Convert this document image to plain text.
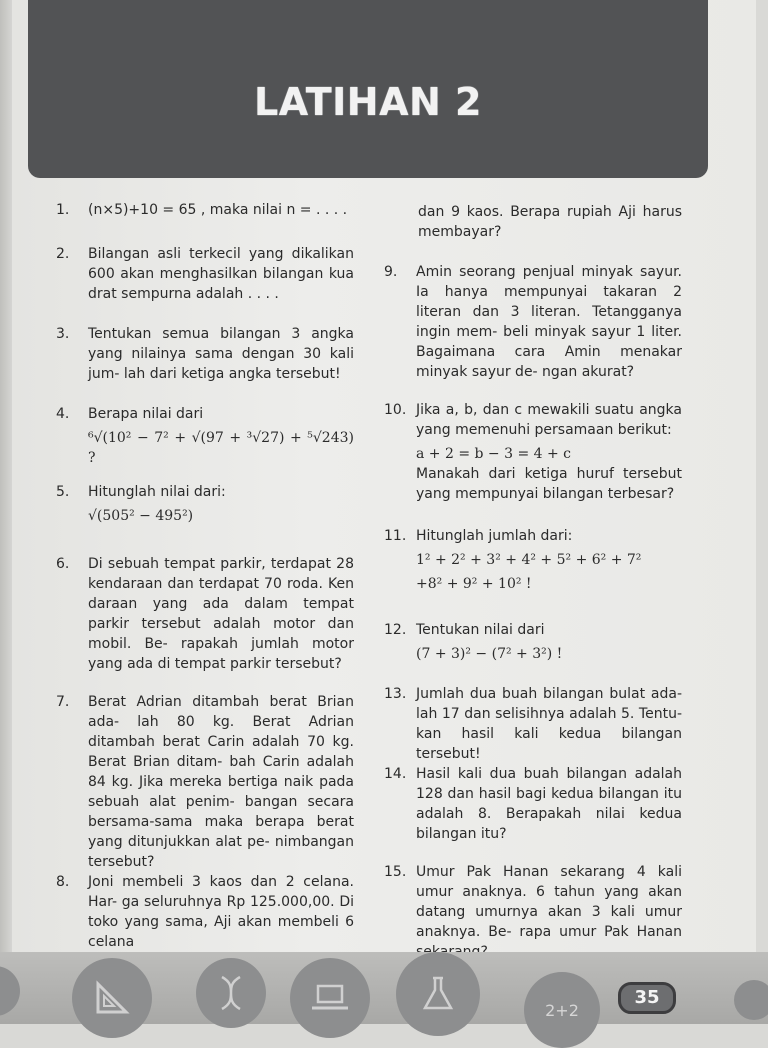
LATIHAN 2
1.	(n×5)+10 = 65 , maka nilai n = . . . .
2.	Bilangan asli terkecil yang dikalikan 600 akan menghasilkan bilangan kua drat sempurna adalah . . . .
3.	Tentukan semua bilangan 3 angka yang nilainya sama dengan 30 kali jum- lah dari ketiga angka tersebut!
4.	Berapa nilai dari
⁶√(10² − 7² + √(97 + ³√27) + ⁵√243) ?
5.	Hitunglah nilai dari:
√(505² − 495²)
6.	Di sebuah tempat parkir, terdapat 28 kendaraan dan terdapat 70 roda. Ken daraan yang ada dalam tempat parkir tersebut adalah motor dan mobil. Be- rapakah jumlah motor yang ada di tempat parkir tersebut?
7.	Berat Adrian ditambah berat Brian ada- lah 80 kg. Berat Adrian ditambah berat Carin adalah 70 kg. Berat Brian ditam- bah Carin adalah 84 kg. Jika mereka bertiga naik pada sebuah alat penim- bangan secara bersama-sama maka berapa berat yang ditunjukkan alat pe- nimbangan tersebut?
8.	Joni membeli 3 kaos dan 2 celana. Har- ga seluruhnya Rp 125.000,00. Di toko yang sama, Aji akan membeli 6 celana
dan 9 kaos. Berapa rupiah Aji harus membayar?
9.	Amin seorang penjual minyak sayur. Ia hanya mempunyai takaran 2 literan dan 3 literan. Tetangganya ingin mem- beli minyak sayur 1 liter. Bagaimana cara Amin menakar minyak sayur de- ngan akurat?
10. Jika a, b, dan c mewakili suatu angka yang memenuhi persamaan berikut:
a + 2 = b − 3 = 4 + c
Manakah dari ketiga huruf tersebut yang mempunyai bilangan terbesar?
11. Hitunglah jumlah dari:
1² + 2² + 3² + 4² + 5² + 6² + 7²
+8² + 9² + 10² !
12. Tentukan nilai dari
(7 + 3)² − (7² + 3²) !
13. Jumlah dua buah bilangan bulat ada- lah 17 dan selisihnya adalah 5. Tentu- kan hasil kali kedua bilangan tersebut!
14. Hasil kali dua buah bilangan adalah 128 dan hasil bagi kedua bilangan itu adalah 8. Berapakah nilai kedua bilangan itu?
15. Umur Pak Hanan sekarang 4 kali umur anaknya. 6 tahun yang akan datang umurnya akan 3 kali umur anaknya. Be- rapa umur Pak Hanan
2+2
35
